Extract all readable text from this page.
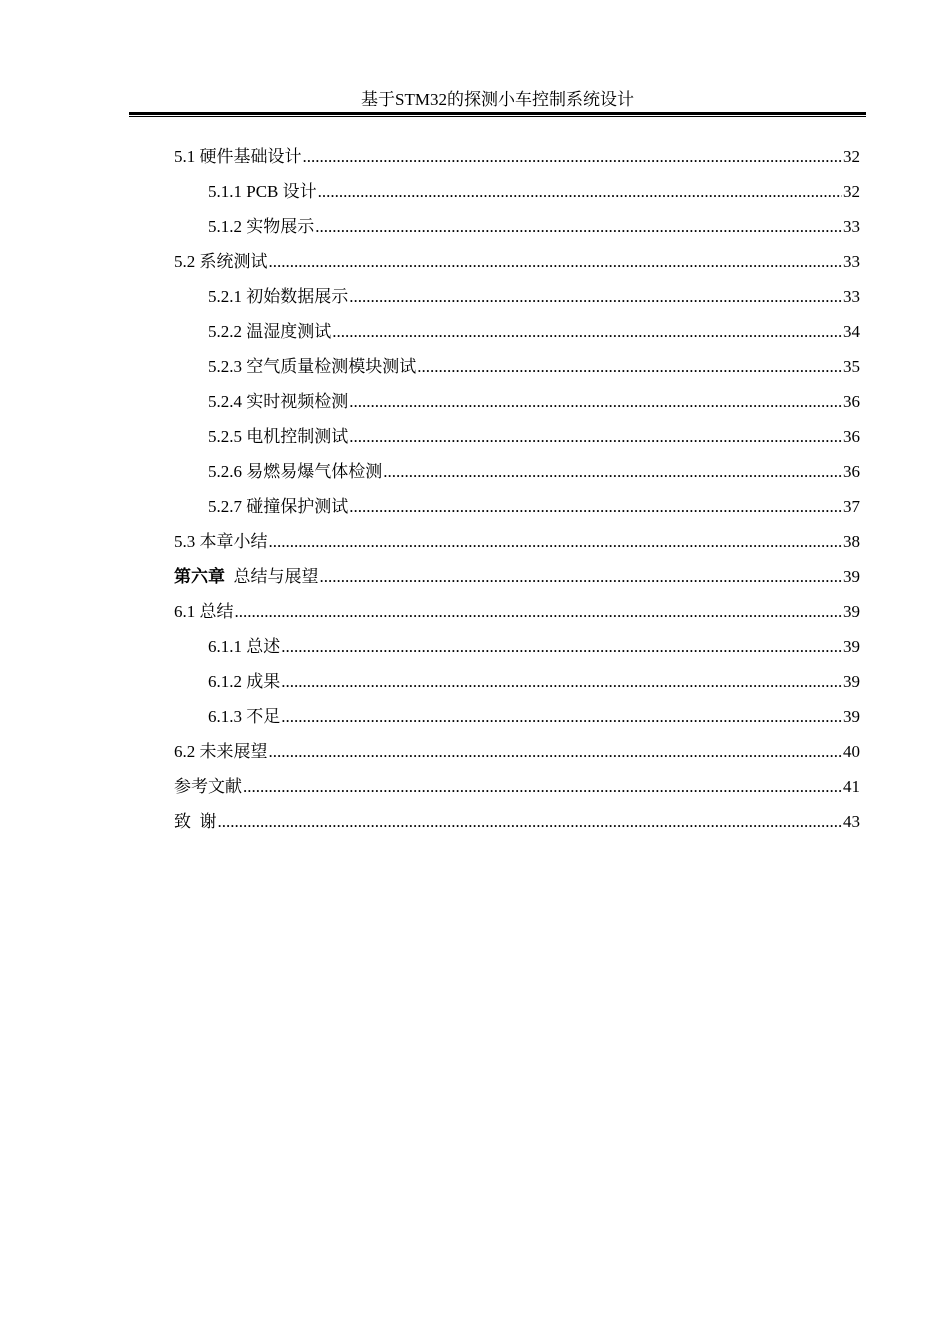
基于STM32的探测小车控制系统设计
5.1 硬件基础设计 .....	32
5.1.1 PCB 设计 .....	32
5.1.2 实物展示 .....	33
5.2 系统测试 .....	33
5.2.1 初始数据展示 .....	33
5.2.2 温湿度测试 .....	34
5.2.3 空气质量检测模块测试 .....	35
5.2.4 实时视频检测 .....	36
5.2.5 电机控制测试 .....	36
5.2.6 易燃易爆气体检测 .....	36
5.2.7 碰撞保护测试 .....	37
5.3 本章小结 .....	38
第六章 总结与展望 .....	39
6.1 总结 .....	39
6.1.1 总述 .....	39
6.1.2 成果 .....	39
6.1.3 不足 .....	39
6.2 未来展望 .....	40
参考文献 .....	41
致  谢 .....	43
